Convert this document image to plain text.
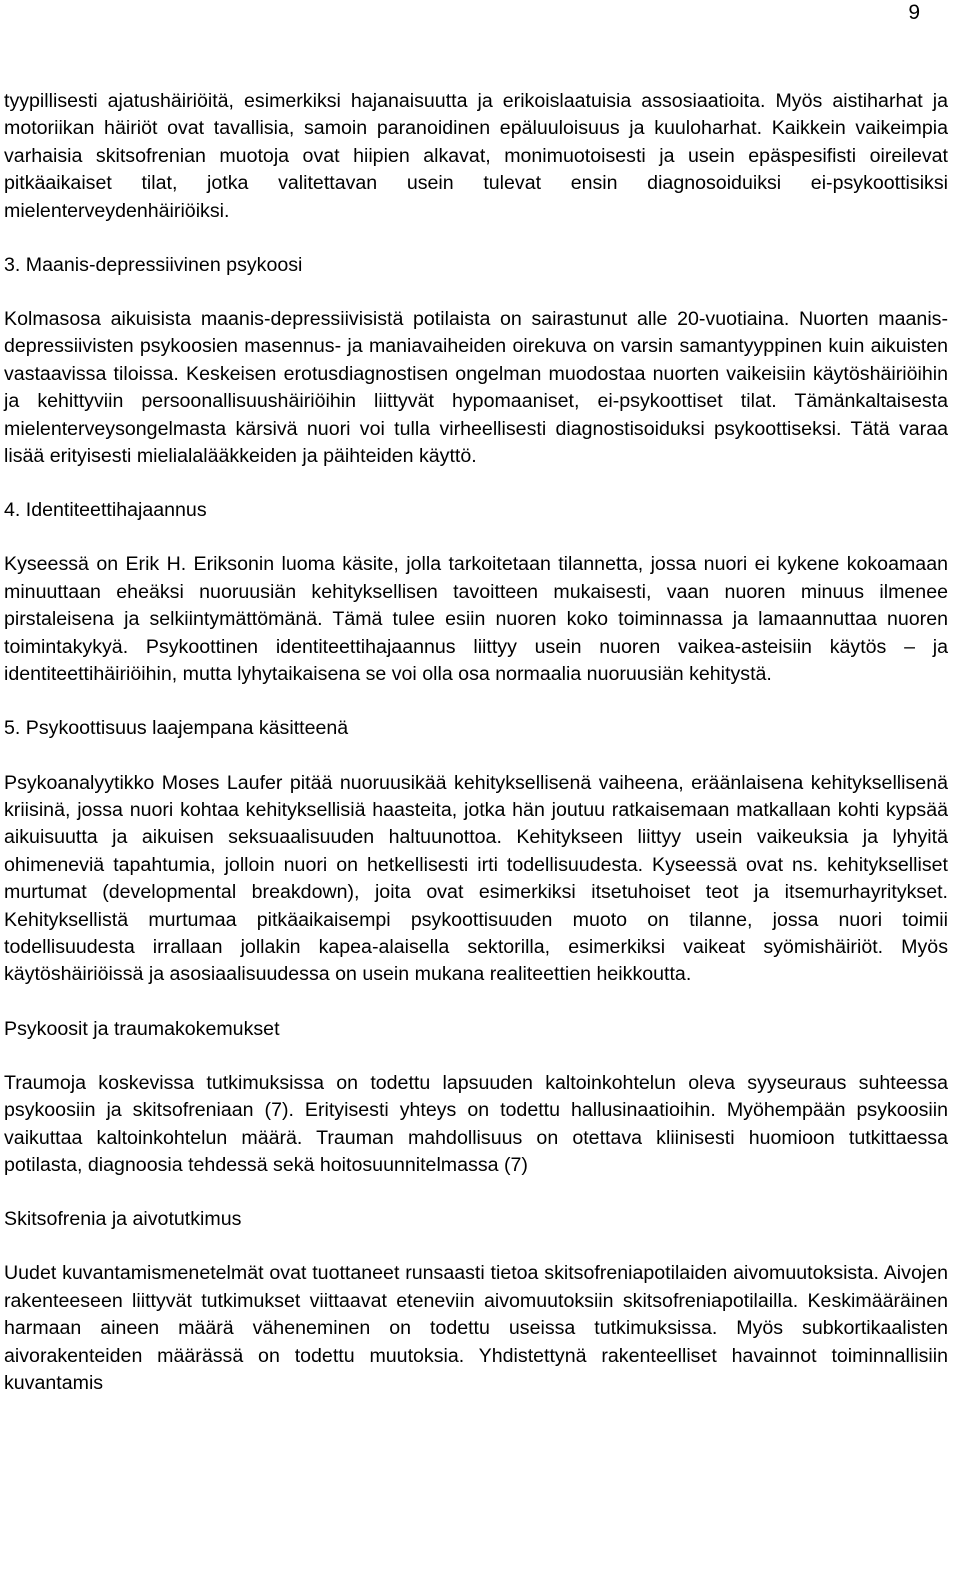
9

tyypillisesti ajatushäiriöitä, esimerkiksi hajanaisuutta ja erikoislaatuisia assosiaatioita. Myös aistiharhat ja motoriikan häiriöt ovat tavallisia, samoin paranoidinen epäluuloisuus ja kuuloharhat. Kaikkein vaikeimpia varhaisia skitsofrenian muotoja ovat hiipien alkavat, monimuotoisesti ja usein epäspesifisti oireilevat pitkäaikaiset tilat, jotka valitettavan usein tulevat ensin diagnosoiduiksi ei-psykoottisiksi mielenterveydenhäiriöiksi.

3. Maanis-depressiivinen psykoosi

Kolmasosa aikuisista maanis-depressiivisistä potilaista on sairastunut alle 20-vuotiaina. Nuorten maanis-depressiivisten psykoosien masennus- ja maniavaiheiden oirekuva on varsin samantyyppinen kuin aikuisten vastaavissa tiloissa. Keskeisen erotusdiagnostisen ongelman muodostaa nuorten vaikeisiin käytöshäiriöihin ja kehittyviin persoonallisuushäiriöihin liittyvät hypomaaniset, ei-psykoottiset tilat. Tämänkaltaisesta mielenterveysongelmasta kärsivä nuori voi tulla virheellisesti diagnostisoiduksi psykoottiseksi. Tätä varaa lisää erityisesti mielialalääkkeiden ja päihteiden käyttö.

4. Identiteettihajaannus

Kyseessä on Erik H. Eriksonin luoma käsite, jolla tarkoitetaan tilannetta, jossa nuori ei kykene kokoamaan minuuttaan eheäksi nuoruusiän kehityksellisen tavoitteen mukaisesti, vaan nuoren minuus ilmenee pirstaleisena ja selkiintymättömänä. Tämä tulee esiin nuoren koko toiminnassa ja lamaannuttaa nuoren toimintakykyä. Psykoottinen identiteettihajaannus liittyy usein nuoren vaikea-asteisiin käytös – ja identiteettihäiriöihin, mutta lyhytaikaisena se voi olla osa normaalia nuoruusiän kehitystä.

5. Psykoottisuus laajempana käsitteenä

Psykoanalyytikko Moses Laufer pitää nuoruusikää kehityksellisenä vaiheena, eräänlaisena kehityksellisenä kriisinä, jossa nuori kohtaa kehityksellisiä haasteita, jotka hän joutuu ratkaisemaan matkallaan kohti kypsää aikuisuutta ja aikuisen seksuaalisuuden haltuunottoa. Kehitykseen liittyy usein vaikeuksia ja lyhyitä ohimeneviä tapahtumia, jolloin nuori on hetkellisesti irti todellisuudesta. Kyseessä ovat ns. kehitykselliset murtumat (developmental breakdown), joita ovat esimerkiksi itsetuhoiset teot ja itsemurhayritykset. Kehityksellistä murtumaa pitkäaikaisempi psykoottisuuden muoto on tilanne, jossa nuori toimii todellisuudesta irrallaan jollakin kapea-alaisella sektorilla, esimerkiksi vaikeat syömishäiriöt. Myös käytöshäiriöissä ja asosiaalisuudessa on usein mukana realiteettien heikkoutta.

Psykoosit ja traumakokemukset

Traumoja koskevissa tutkimuksissa on todettu lapsuuden kaltoinkohtelun oleva syyseuraus suhteessa psykoosiin ja skitsofreniaan (7). Erityisesti yhteys on todettu hallusinaatioihin. Myöhempään psykoosiin vaikuttaa kaltoinkohtelun määrä. Trauman mahdollisuus on otettava kliinisesti huomioon tutkittaessa potilasta, diagnoosia tehdessä sekä hoitosuunnitelmassa (7)

Skitsofrenia ja aivotutkimus

Uudet kuvantamismenetelmät ovat tuottaneet runsaasti tietoa skitsofreniapotilaiden aivomuutoksista. Aivojen rakenteeseen liittyvät tutkimukset viittaavat eteneviin aivomuutoksiin skitsofreniapotilailla. Keskimääräinen harmaan aineen määrä väheneminen on todettu useissa tutkimuksissa. Myös subkortikaalisten aivorakenteiden määrässä on todettu muutoksia. Yhdistettynä rakenteelliset havainnot toiminnallisiin kuvantamis
